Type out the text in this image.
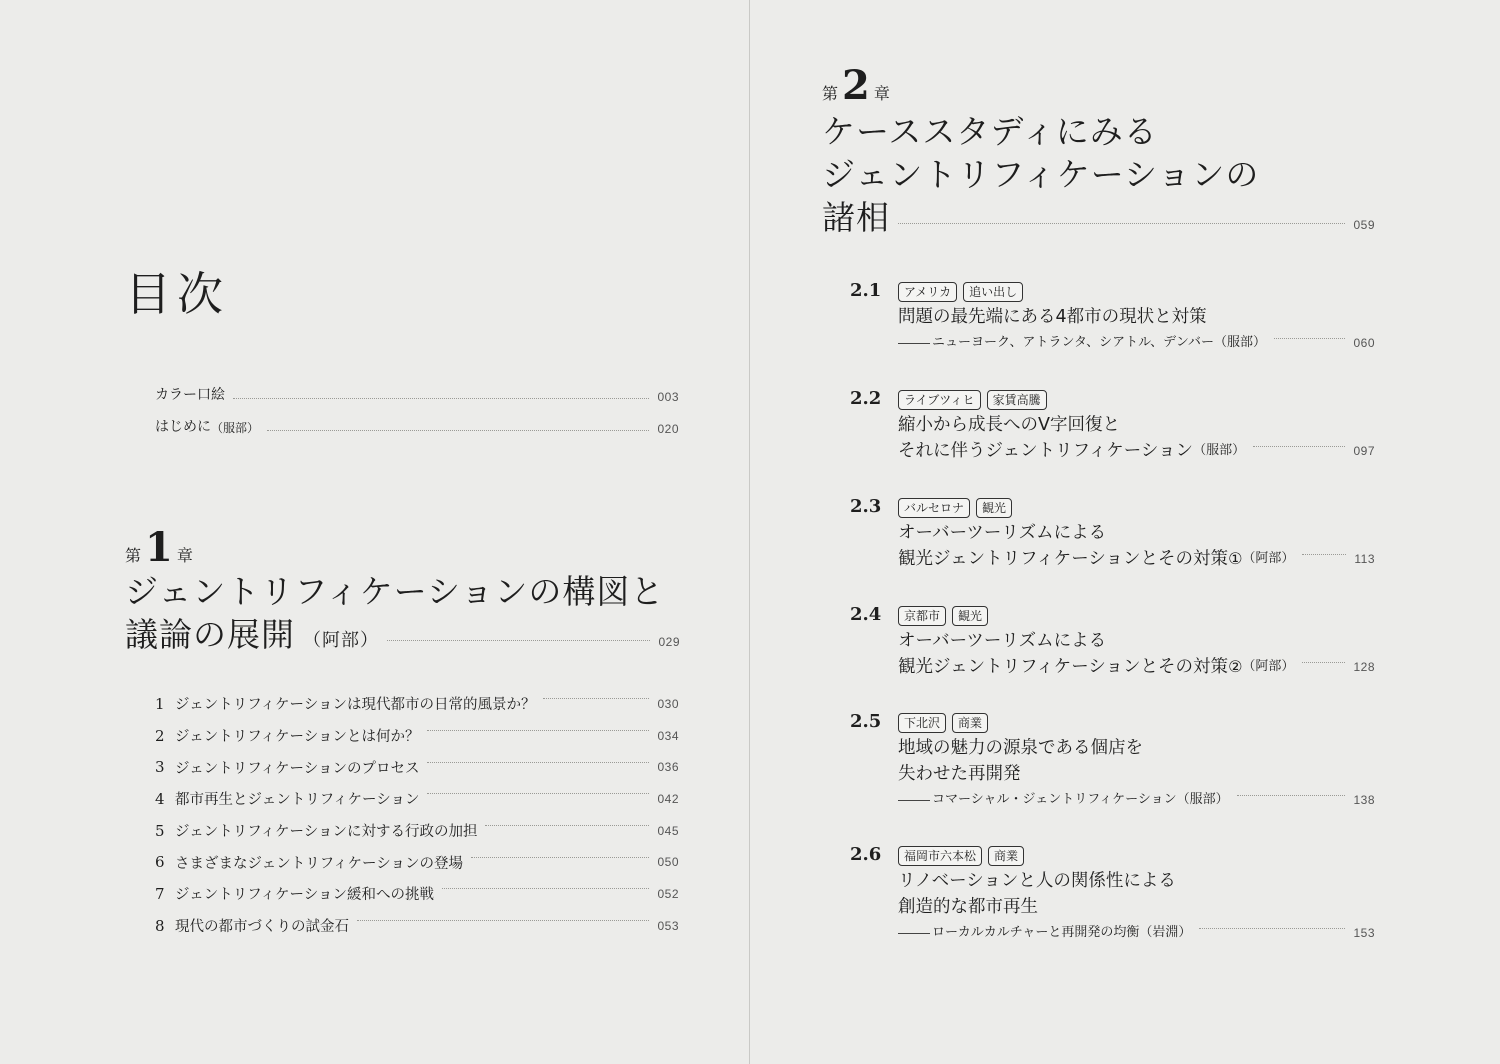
目次
カラー口絵	003
はじめに （服部）	020
第 1 章
ジェントリフィケーションの構図と
議論の展開 （阿部）	029
1 ジェントリフィケーションは現代都市の日常的風景か？	030
2 ジェントリフィケーションとは何か？	034
3 ジェントリフィケーションのプロセス	036
4 都市再生とジェントリフィケーション	042
5 ジェントリフィケーションに対する行政の加担	045
6 さまざまなジェントリフィケーションの登場	050
7 ジェントリフィケーション緩和への挑戦	052
8 現代の都市づくりの試金石	053
第 2 章
ケーススタディにみる
ジェントリフィケーションの
諸相	059
2.1	アメリカ	追い出し
問題の最先端にある4都市の現状と対策
ニューヨーク、アトランタ、シアトル、デンバー （服部）	060
2.2	ライブツィヒ	家賃高騰
縮小から成長へのV字回復と
それに伴うジェントリフィケーション （服部）	097
2.3	バルセロナ	観光
オーバーツーリズムによる
観光ジェントリフィケーションとその対策 ① （阿部）	113
2.4	京都市	観光
オーバーツーリズムによる
観光ジェントリフィケーションとその対策 ② （阿部）	128
2.5	下北沢	商業
地域の魅力の源泉である個店を
失わせた再開発
コマーシャル・ジェントリフィケーション （服部）	138
2.6	福岡市六本松	商業
リノベーションと人の関係性による
創造的な都市再生
ローカルカルチャーと再開発の均衡 （岩淵）	153
